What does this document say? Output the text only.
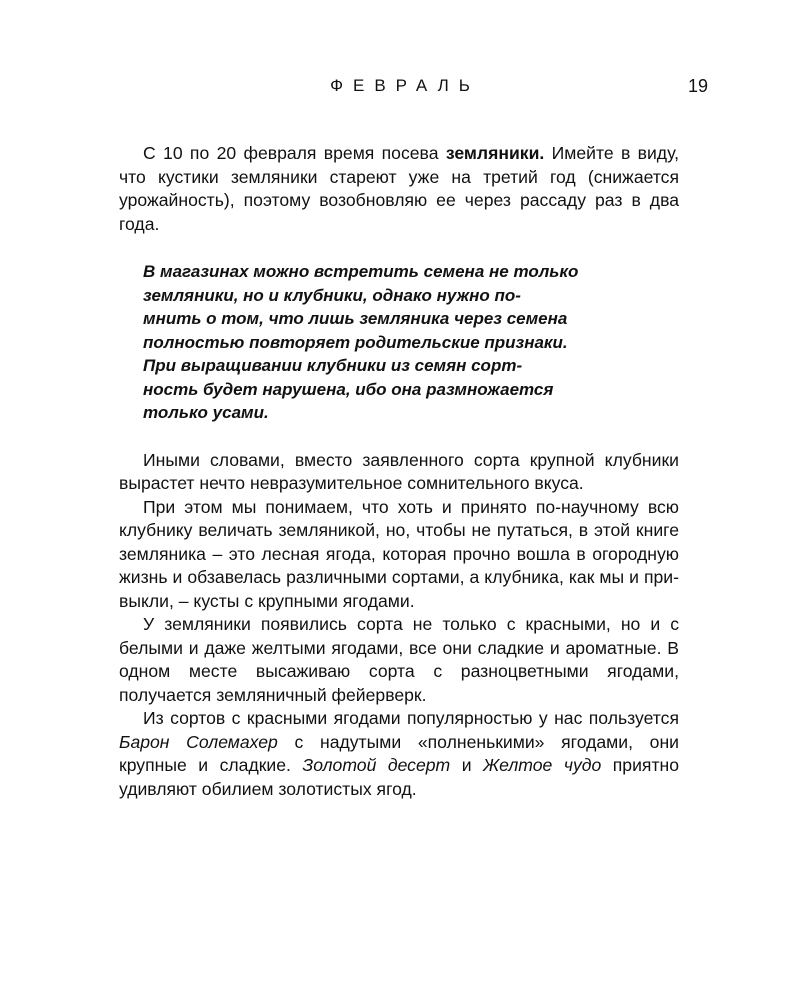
ФЕВРАЛЬ	19

С 10 по 20 февраля время посева земляники. Имейте в виду, что кустики земляники стареют уже на третий год (снижается урожайность), поэтому возобновляю ее через рассаду раз в два года.

В магазинах можно встретить семена не только
земляники, но и клубники, однако нужно по-
мнить о том, что лишь земляника через семена
полностью повторяет родительские признаки.
При выращивании клубники из семян сорт-
ность будет нарушена, ибо она размножается
только усами.

Иными словами, вместо заявленного сорта крупной клубники вырастет нечто невразумительное сомнительного вкуса.

При этом мы понимаем, что хоть и принято по-научному всю клубнику величать земляникой, но, чтобы не путаться, в этой книге земляника – это лесная ягода, которая прочно вошла в огородную жизнь и обзавелась различными сортами, а клубника, как мы и привыкли, – кусты с крупными ягодами.

У земляники появились сорта не только с красными, но и с белыми и даже желтыми ягодами, все они сладкие и ароматные. В одном месте высаживаю сорта с разноцветными ягодами, получается земляничный фейерверк.

Из сортов с красными ягодами популярностью у нас пользуется Барон Солемахер с надутыми «полненькими» ягодами, они крупные и сладкие. Золотой десерт и Желтое чудо приятно удивляют обилием золотистых ягод.
